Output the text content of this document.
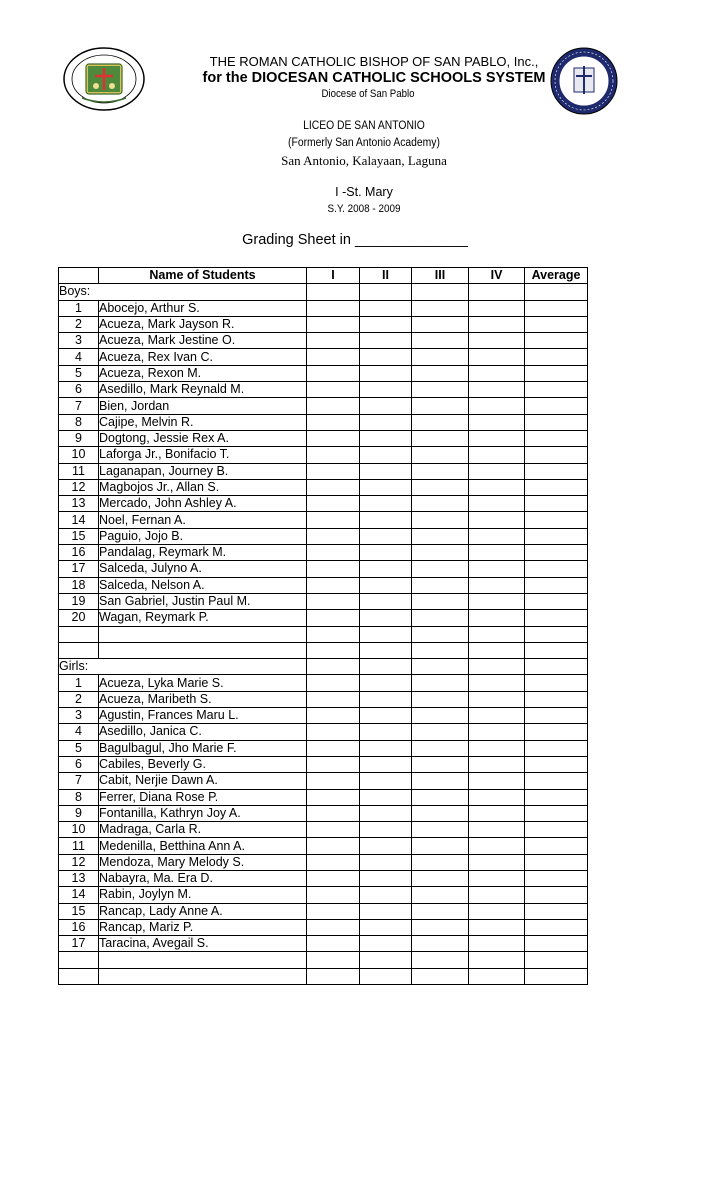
THE ROMAN CATHOLIC BISHOP OF SAN PABLO, Inc.,
for the DIOCESAN CATHOLIC SCHOOLS SYSTEM
Diocese of San Pablo
LICEO DE SAN ANTONIO
(Formerly San Antonio Academy)
San Antonio, Kalayaan, Laguna
I -St. Mary
S.Y. 2008 - 2009
Grading Sheet in ______________
	Name of Students	I	II	III	IV	Average
Boys:						
1	Abocejo, Arthur S.					
2	Acueza, Mark Jayson R.					
3	Acueza, Mark Jestine O.					
4	Acueza, Rex Ivan C.					
5	Acueza, Rexon M.					
6	Asedillo, Mark Reynald M.					
7	Bien, Jordan					
8	Cajipe, Melvin R.					
9	Dogtong, Jessie Rex A.					
10	Laforga Jr., Bonifacio T.					
11	Laganapan, Journey B.					
12	Magbojos Jr., Allan S.					
13	Mercado, John Ashley A.					
14	Noel, Fernan A.					
15	Paguio, Jojo B.					
16	Pandalag, Reymark M.					
17	Salceda, Julyno A.					
18	Salceda, Nelson A.					
19	San Gabriel, Justin Paul M.					
20	Wagan, Reymark P.					

Girls:						
1	Acueza, Lyka Marie S.					
2	Acueza, Maribeth S.					
3	Agustin, Frances Maru L.					
4	Asedillo, Janica C.					
5	Bagulbagul, Jho Marie F.					
6	Cabiles, Beverly G.					
7	Cabit, Nerjie Dawn A.					
8	Ferrer, Diana Rose P.					
9	Fontanilla, Kathryn Joy A.					
10	Madraga, Carla R.					
11	Medenilla, Betthina Ann A.					
12	Mendoza, Mary Melody S.					
13	Nabayra, Ma. Era D.					
14	Rabin, Joylyn M.					
15	Rancap, Lady Anne A.					
16	Rancap, Mariz P.					
17	Taracina, Avegail S.					
